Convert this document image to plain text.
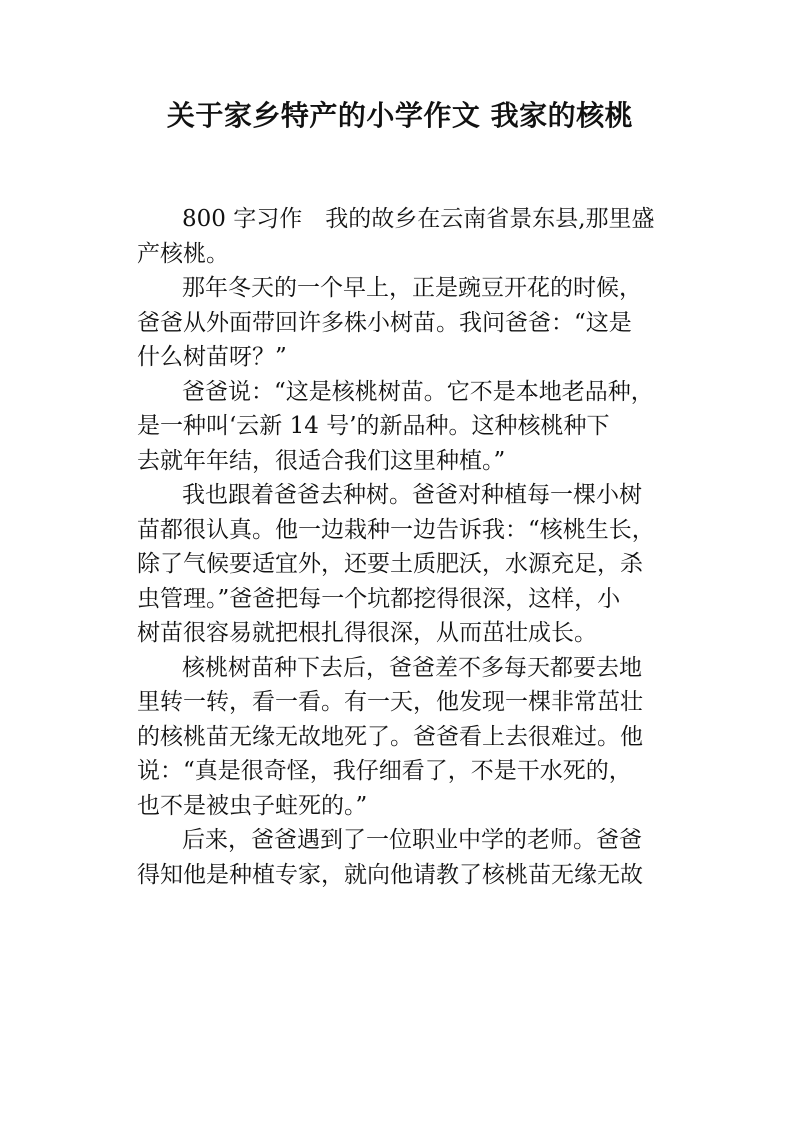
关于家乡特产的小学作文 我家的核桃
800 字习作　我的故乡在云南省景东县,那里盛
产核桃。
那年冬天的一个早上，正是豌豆开花的时候，
爸爸从外面带回许多株小树苗。我问爸爸：“这是
什么树苗呀？”
爸爸说：“这是核桃树苗。它不是本地老品种，
是一种叫‘云新 14 号’的新品种。这种核桃种下
去就年年结，很适合我们这里种植。”
我也跟着爸爸去种树。爸爸对种植每一棵小树
苗都很认真。他一边栽种一边告诉我：“核桃生长，
除了气候要适宜外，还要土质肥沃，水源充足，杀
虫管理。”爸爸把每一个坑都挖得很深，这样，小
树苗很容易就把根扎得很深，从而茁壮成长。
核桃树苗种下去后，爸爸差不多每天都要去地
里转一转，看一看。有一天，他发现一棵非常茁壮
的核桃苗无缘无故地死了。爸爸看上去很难过。他
说：“真是很奇怪，我仔细看了，不是干水死的，
也不是被虫子蛀死的。”
后来，爸爸遇到了一位职业中学的老师。爸爸
得知他是种植专家，就向他请教了核桃苗无缘无故
